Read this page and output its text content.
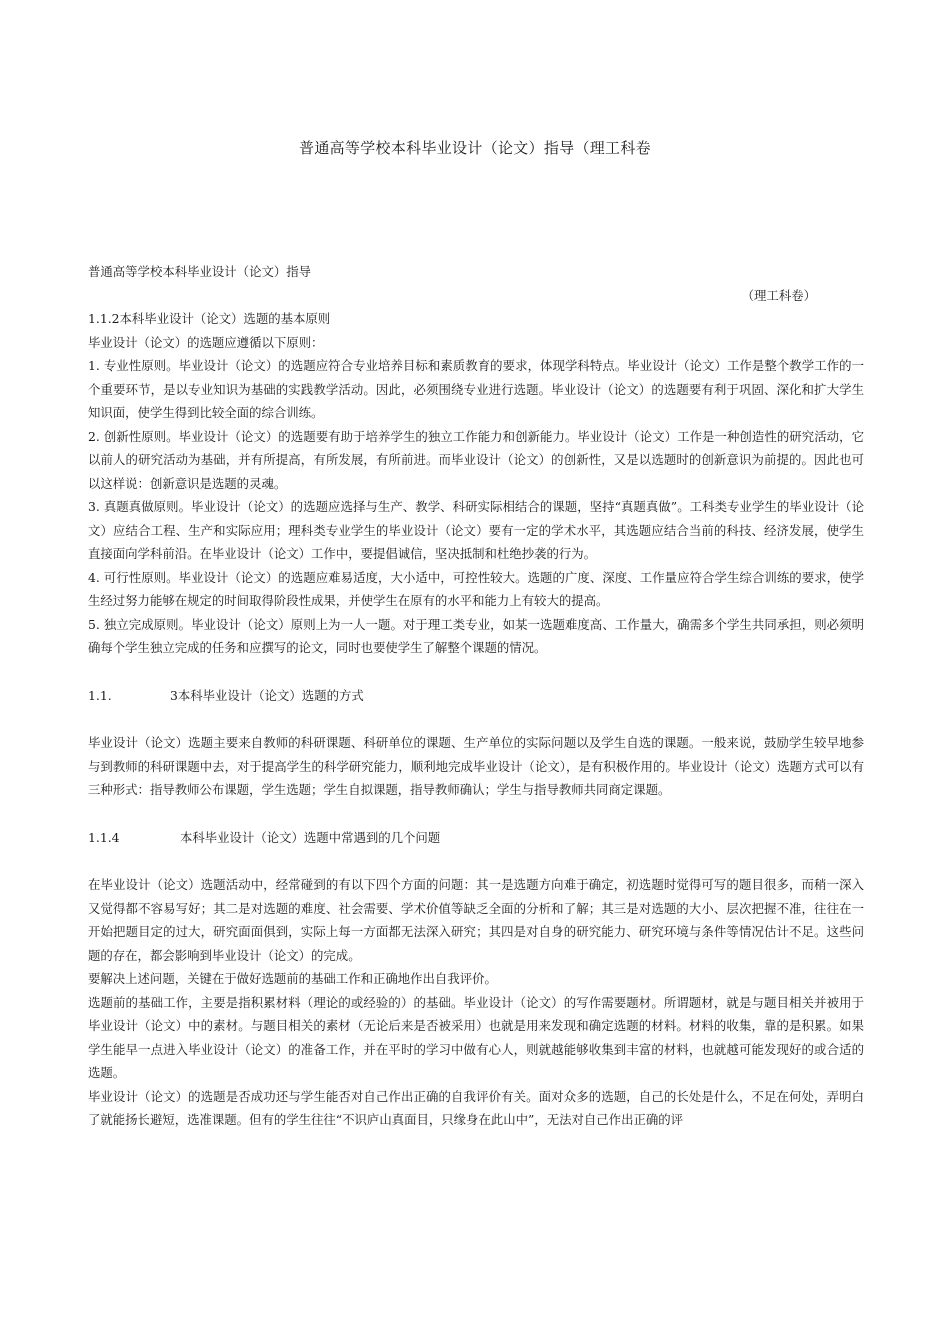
普通高等学校本科毕业设计（论文）指导（理工科卷

普通高等学校本科毕业设计（论文）指导

（理工科卷）

1.1.2本科毕业设计（论文）选题的基本原则

毕业设计（论文）的选题应遵循以下原则：

1. 专业性原则。毕业设计（论文）的选题应符合专业培养目标和素质教育的要求，体现学科特点。毕业设计（论文）工作是整个教学工作的一个重要环节，是以专业知识为基础的实践教学活动。因此，必须围绕专业进行选题。毕业设计（论文）的选题要有利于巩固、深化和扩大学生知识面，使学生得到比较全面的综合训练。

2. 创新性原则。毕业设计（论文）的选题要有助于培养学生的独立工作能力和创新能力。毕业设计（论文）工作是一种创造性的研究活动，它以前人的研究活动为基础，并有所提高，有所发展，有所前进。而毕业设计（论文）的创新性，又是以选题时的创新意识为前提的。因此也可以这样说：创新意识是选题的灵魂。

3. 真题真做原则。毕业设计（论文）的选题应选择与生产、教学、科研实际相结合的课题，坚持“真题真做”。工科类专业学生的毕业设计（论文）应结合工程、生产和实际应用；理科类专业学生的毕业设计（论文）要有一定的学术水平，其选题应结合当前的科技、经济发展，使学生直接面向学科前沿。在毕业设计（论文）工作中，要提倡诚信，坚决抵制和杜绝抄袭的行为。

4. 可行性原则。毕业设计（论文）的选题应难易适度，大小适中，可控性较大。选题的广度、深度、工作量应符合学生综合训练的要求，使学生经过努力能够在规定的时间取得阶段性成果，并使学生在原有的水平和能力上有较大的提高。

5. 独立完成原则。毕业设计（论文）原则上为一人一题。对于理工类专业，如某一选题难度高、工作量大，确需多个学生共同承担，则必须明确每个学生独立完成的任务和应撰写的论文，同时也要使学生了解整个课题的情况。

1.1.	3本科毕业设计（论文）选题的方式

毕业设计（论文）选题主要来自教师的科研课题、科研单位的课题、生产单位的实际问题以及学生自选的课题。一般来说，鼓励学生较早地参与到教师的科研课题中去，对于提高学生的科学研究能力，顺利地完成毕业设计（论文），是有积极作用的。毕业设计（论文）选题方式可以有三种形式：指导教师公布课题，学生选题；学生自拟课题，指导教师确认；学生与指导教师共同商定课题。

1.1.4	本科毕业设计（论文）选题中常遇到的几个问题

在毕业设计（论文）选题活动中，经常碰到的有以下四个方面的问题：其一是选题方向难于确定，初选题时觉得可写的题目很多，而稍一深入又觉得都不容易写好；其二是对选题的难度、社会需要、学术价值等缺乏全面的分析和了解；其三是对选题的大小、层次把握不准，往往在一开始把题目定的过大，研究面面俱到，实际上每一方面都无法深入研究；其四是对自身的研究能力、研究环境与条件等情况估计不足。这些问题的存在，都会影响到毕业设计（论文）的完成。

要解决上述问题，关键在于做好选题前的基础工作和正确地作出自我评价。

选题前的基础工作，主要是指积累材料（理论的或经验的）的基础。毕业设计（论文）的写作需要题材。所谓题材，就是与题目相关并被用于毕业设计（论文）中的素材。与题目相关的素材（无论后来是否被采用）也就是用来发现和确定选题的材料。材料的收集，靠的是积累。如果学生能早一点进入毕业设计（论文）的准备工作，并在平时的学习中做有心人，则就越能够收集到丰富的材料，也就越可能发现好的或合适的选题。

毕业设计（论文）的选题是否成功还与学生能否对自己作出正确的自我评价有关。面对众多的选题，自己的长处是什么，不足在何处，弄明白了就能扬长避短，选准课题。但有的学生往往“不识庐山真面目，只缘身在此山中”，无法对自己作出正确的评
